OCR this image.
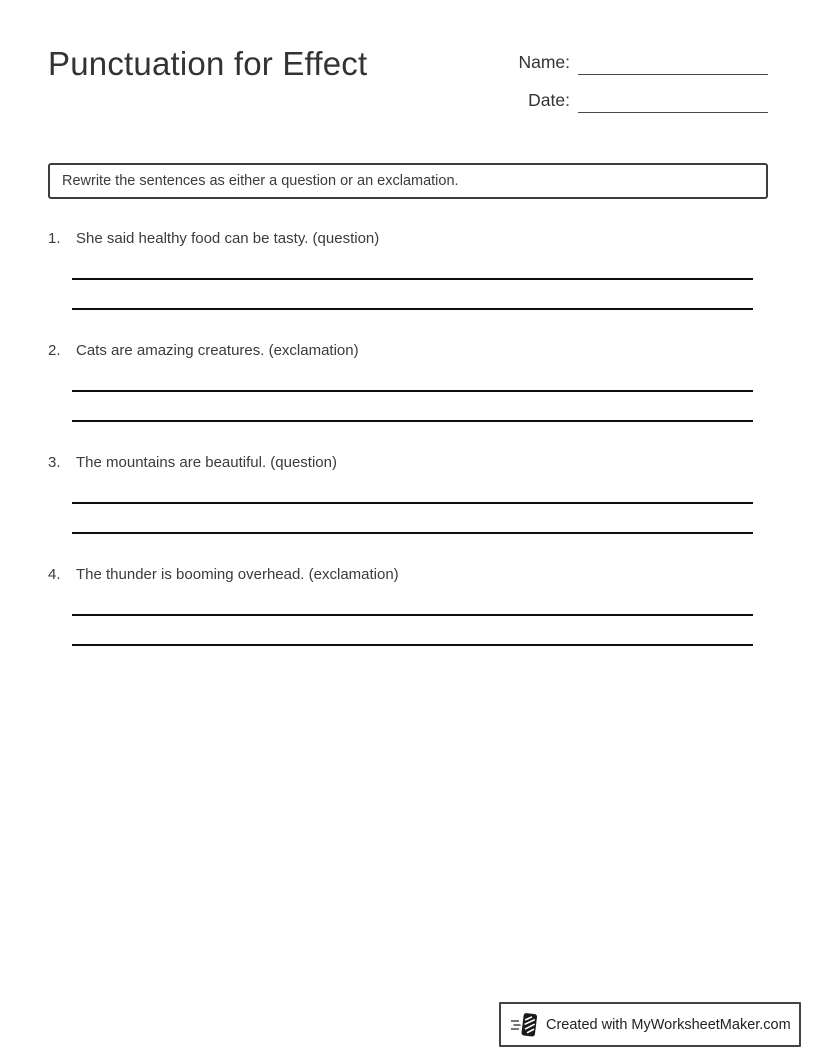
Punctuation for Effect	Name:
Date:
Rewrite the sentences as either a question or an exclamation.
1.	She said healthy food can be tasty. (question)
2.	Cats are amazing creatures. (exclamation)
3.	The mountains are beautiful. (question)
4.	The thunder is booming overhead. (exclamation)
Created with MyWorksheetMaker.com
